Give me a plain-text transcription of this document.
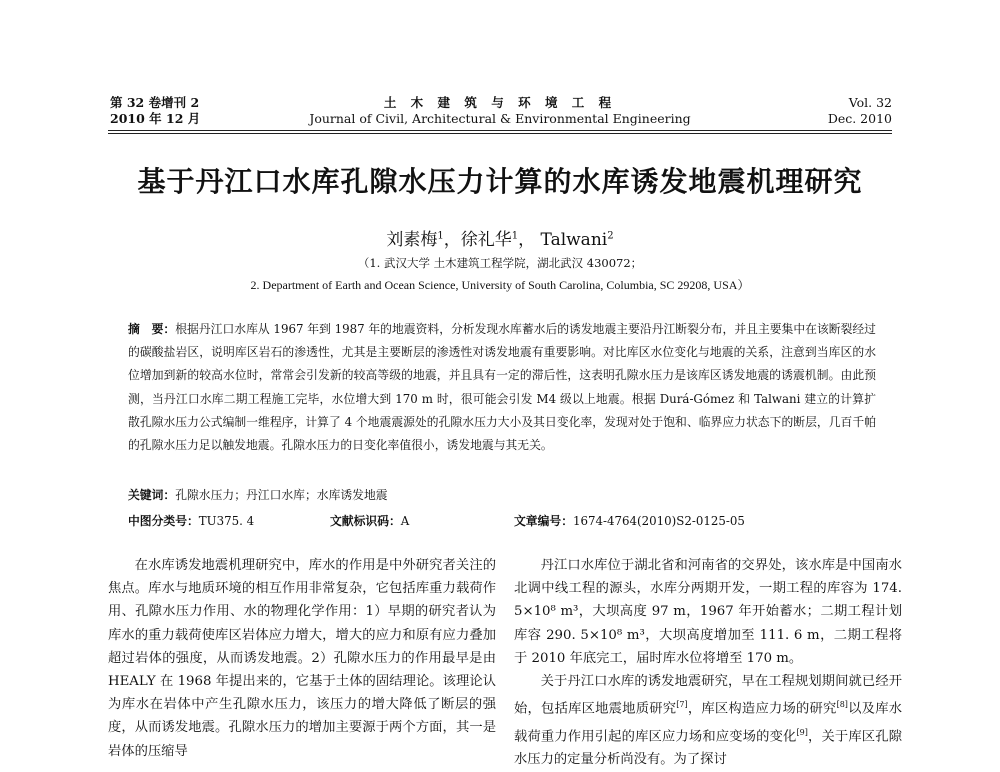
第 32 卷增刊 2
2010 年 12 月
土 木 建 筑 与 环 境 工 程
Journal of Civil, Architectural & Environmental Engineering
Vol. 32
Dec. 2010
基于丹江口水库孔隙水压力计算的水库诱发地震机理研究
刘素梅$^1$，徐礼华$^1$， Talwani$^2$
（1. 武汉大学 土木建筑工程学院，湖北武汉 430072；
2. Department of Earth and Ocean Science, University of South Carolina, Columbia, SC 29208, USA）
摘　要：根据丹江口水库从 1967 年到 1987 年的地震资料，分析发现水库蓄水后的诱发地震主要沿丹江断裂分布，并且主要集中在该断裂经过的碳酸盐岩区，说明库区岩石的渗透性，尤其是主要断层的渗透性对诱发地震有重要影响。对比库区水位变化与地震的关系，注意到当库区的水位增加到新的较高水位时，常常会引发新的较高等级的地震，并且具有一定的滞后性，这表明孔隙水压力是该库区诱发地震的诱震机制。由此预测，当丹江口水库二期工程施工完毕，水位增大到 170 m 时，很可能会引发 M4 级以上地震。根据 Durá-Gómez 和 Talwani 建立的计算扩散孔隙水压力公式编制一维程序，计算了 4 个地震震源处的孔隙水压力大小及其日变化率，发现对处于饱和、临界应力状态下的断层，几百千帕的孔隙水压力足以触发地震。孔隙水压力的日变化率值很小，诱发地震与其无关。
关键词：孔隙水压力；丹江口水库；水库诱发地震
中图分类号：TU375. 4	文献标识码：A	文章编号：1674-4764(2010)S2-0125-05

在水库诱发地震机理研究中，库水的作用是中外研究者关注的焦点。库水与地质环境的相互作用非常复杂，它包括库重力载荷作用、孔隙水压力作用、水的物理化学作用：1）早期的研究者认为库水的重力载荷使库区岩体应力增大，增大的应力和原有应力叠加超过岩体的强度，从而诱发地震。2）孔隙水压力的作用最早是由 HEALY 在 1968 年提出来的，它基于土体的固结理论。该理论认为库水在岩体中产生孔隙水压力，该压力的增大降低了断层的强度，从而诱发地震。孔隙水压力的增加主要源于两个方面，其一是岩体的压缩导

丹江口水库位于湖北省和河南省的交界处，该水库是中国南水北调中线工程的源头，水库分两期开发，一期工程的库容为 174. 5×10⁸ m³，大坝高度 97 m，1967 年开始蓄水；二期工程计划库容 290. 5×10⁸ m³，大坝高度增加至 111. 6 m，二期工程将于 2010 年底完工，届时库水位将增至 170 m。

关于丹江口水库的诱发地震研究，早在工程规划期间就已经开始，包括库区地震地质研究[7]，库区构造应力场的研究[8]以及库水载荷重力作用引起的库区应力场和应变场的变化[9]，关于库区孔隙水压力的定量分析尚没有。为了探讨
